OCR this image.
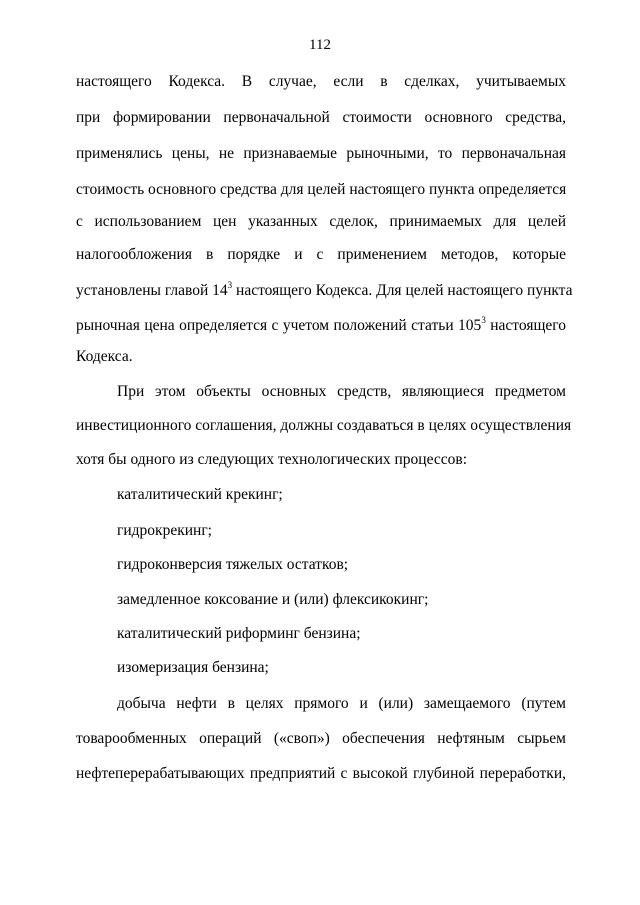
112
настоящего Кодекса. В случае, если в сделках, учитываемых
при формировании первоначальной стоимости основного средства,
применялись цены, не признаваемые рыночными, то первоначальная
стоимость основного средства для целей настоящего пункта определяется
с использованием цен указанных сделок, принимаемых для целей
налогообложения в порядке и с применением методов, которые
установлены главой $14^3$ настоящего Кодекса. Для целей настоящего пункта
рыночная цена определяется с учетом положений статьи $105^3$ настоящего
Кодекса.
При этом объекты основных средств, являющиеся предметом
инвестиционного соглашения, должны создаваться в целях осуществления
хотя бы одного из следующих технологических процессов:
каталитический крекинг;
гидрокрекинг;
гидроконверсия тяжелых остатков;
замедленное коксование и (или) флексикокинг;
каталитический риформинг бензина;
изомеризация бензина;
добыча нефти в целях прямого и (или) замещаемого (путем
товарообменных операций («своп») обеспечения нефтяным сырьем
нефтеперерабатывающих предприятий с высокой глубиной переработки,
